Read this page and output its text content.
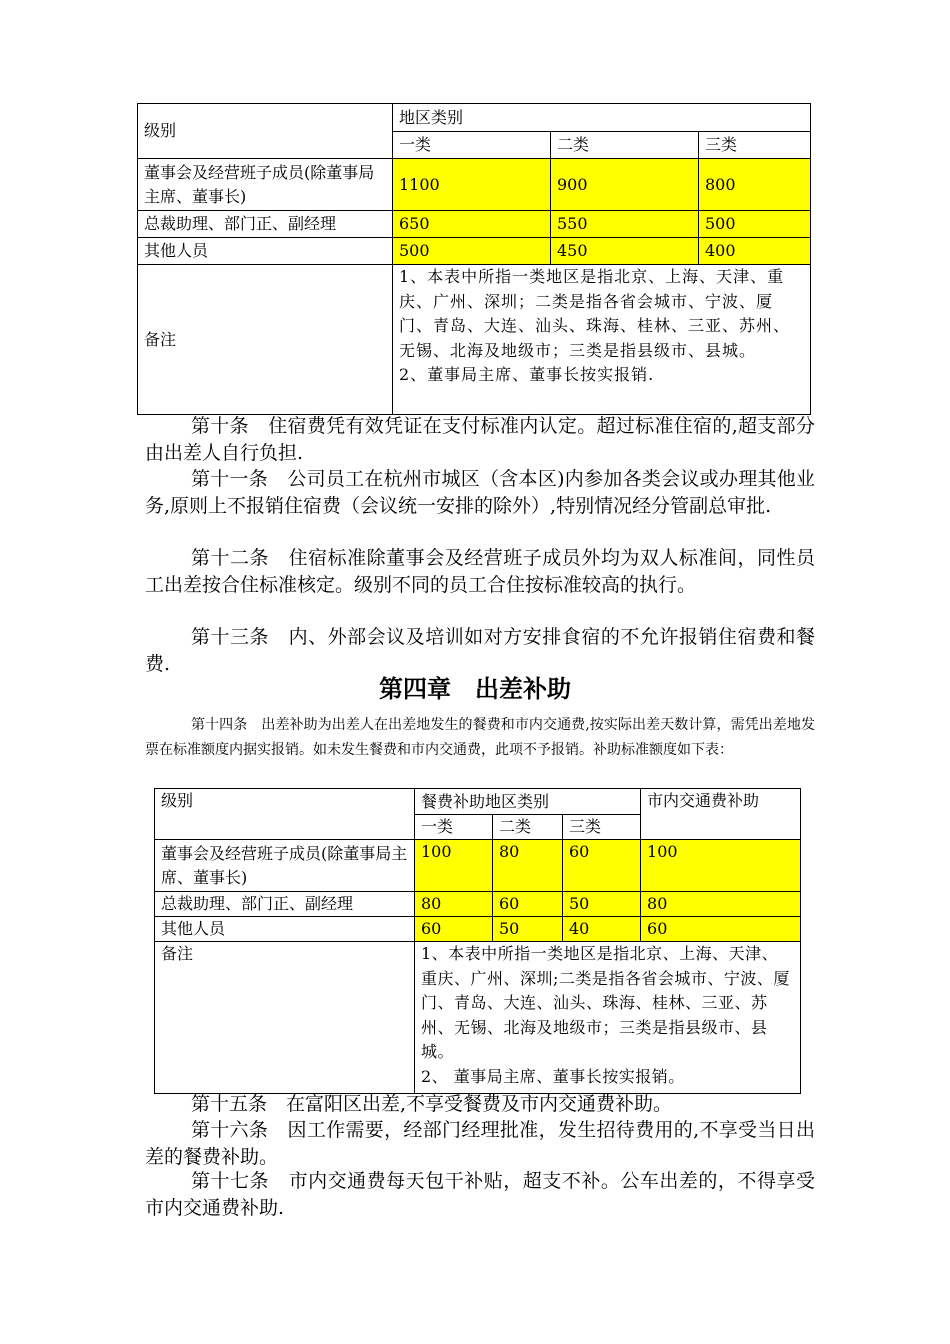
级别	地区类别		
	一类	二类	三类
董事会及经营班子成员(除董事局主席、董事长)	1100	900	800
总裁助理、部门正、副经理	650	550	500
其他人员	500	450	400
备注	1、本表中所指一类地区是指北京、上海、天津、重庆、广州、深圳；二类是指各省会城市、宁波、厦门、青岛、大连、汕头、珠海、桂林、三亚、苏州、无锡、北海及地级市；三类是指县级市、县城。
2、董事局主席、董事长按实报销.		

第十条　住宿费凭有效凭证在支付标准内认定。超过标准住宿的,超支部分由出差人自行负担.

第十一条　公司员工在杭州市城区（含本区)内参加各类会议或办理其他业务,原则上不报销住宿费（会议统一安排的除外）,特别情况经分管副总审批.

第十二条　住宿标准除董事会及经营班子成员外均为双人标准间，同性员工出差按合住标准核定。级别不同的员工合住按标准较高的执行。

第十三条　内、外部会议及培训如对方安排食宿的不允许报销住宿费和餐费.

第四章　出差补助

第十四条　出差补助为出差人在出差地发生的餐费和市内交通费,按实际出差天数计算，需凭出差地发票在标准额度内据实报销。如未发生餐费和市内交通费，此项不予报销。补助标准额度如下表：

级别	餐费补助地区类别			市内交通费补助
	一类	二类	三类	
董事会及经营班子成员(除董事局主席、董事长)	100	80	60	100
总裁助理、部门正、副经理	80	60	50	80
其他人员	60	50	40	60
备注	1、本表中所指一类地区是指北京、上海、天津、重庆、广州、深圳;二类是指各省会城市、宁波、厦门、青岛、大连、汕头、珠海、桂林、三亚、苏州、无锡、北海及地级市；三类是指县级市、县城。
2、 董事局主席、董事长按实报销。			

第十五条　在富阳区出差,不享受餐费及市内交通费补助。

第十六条　因工作需要，经部门经理批准，发生招待费用的,不享受当日出差的餐费补助。

第十七条　市内交通费每天包干补贴，超支不补。公车出差的，不得享受市内交通费补助.
